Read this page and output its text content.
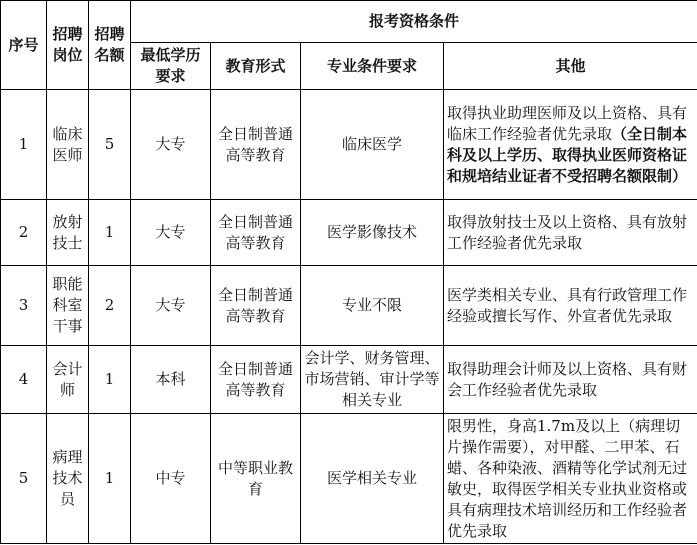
序号	招聘岗位	招聘名额	报考资格条件			
			最低学历要求	教育形式	专业条件要求	其他
1	临床医师	5	大专	全日制普通高等教育	临床医学	取得执业助理医师及以上资格、具有临床工作经验者优先录取（全日制本科及以上学历、取得执业医师资格证和规培结业证者不受招聘名额限制）
2	放射技士	1	大专	全日制普通高等教育	医学影像技术	取得放射技士及以上资格、具有放射工作经验者优先录取
3	职能科室干事	2	大专	全日制普通高等教育	专业不限	医学类相关专业、具有行政管理工作经验或擅长写作、外宣者优先录取
4	会计师	1	本科	全日制普通高等教育	会计学、财务管理、市场营销、审计学等相关专业	取得助理会计师及以上资格、具有财会工作经验者优先录取
5	病理技术员	1	中专	中等职业教育	医学相关专业	限男性，身高1.7m及以上（病理切片操作需要），对甲醛、二甲苯、石蜡、各种染液、酒精等化学试剂无过敏史，取得医学相关专业执业资格或具有病理技术培训经历和工作经验者优先录取
